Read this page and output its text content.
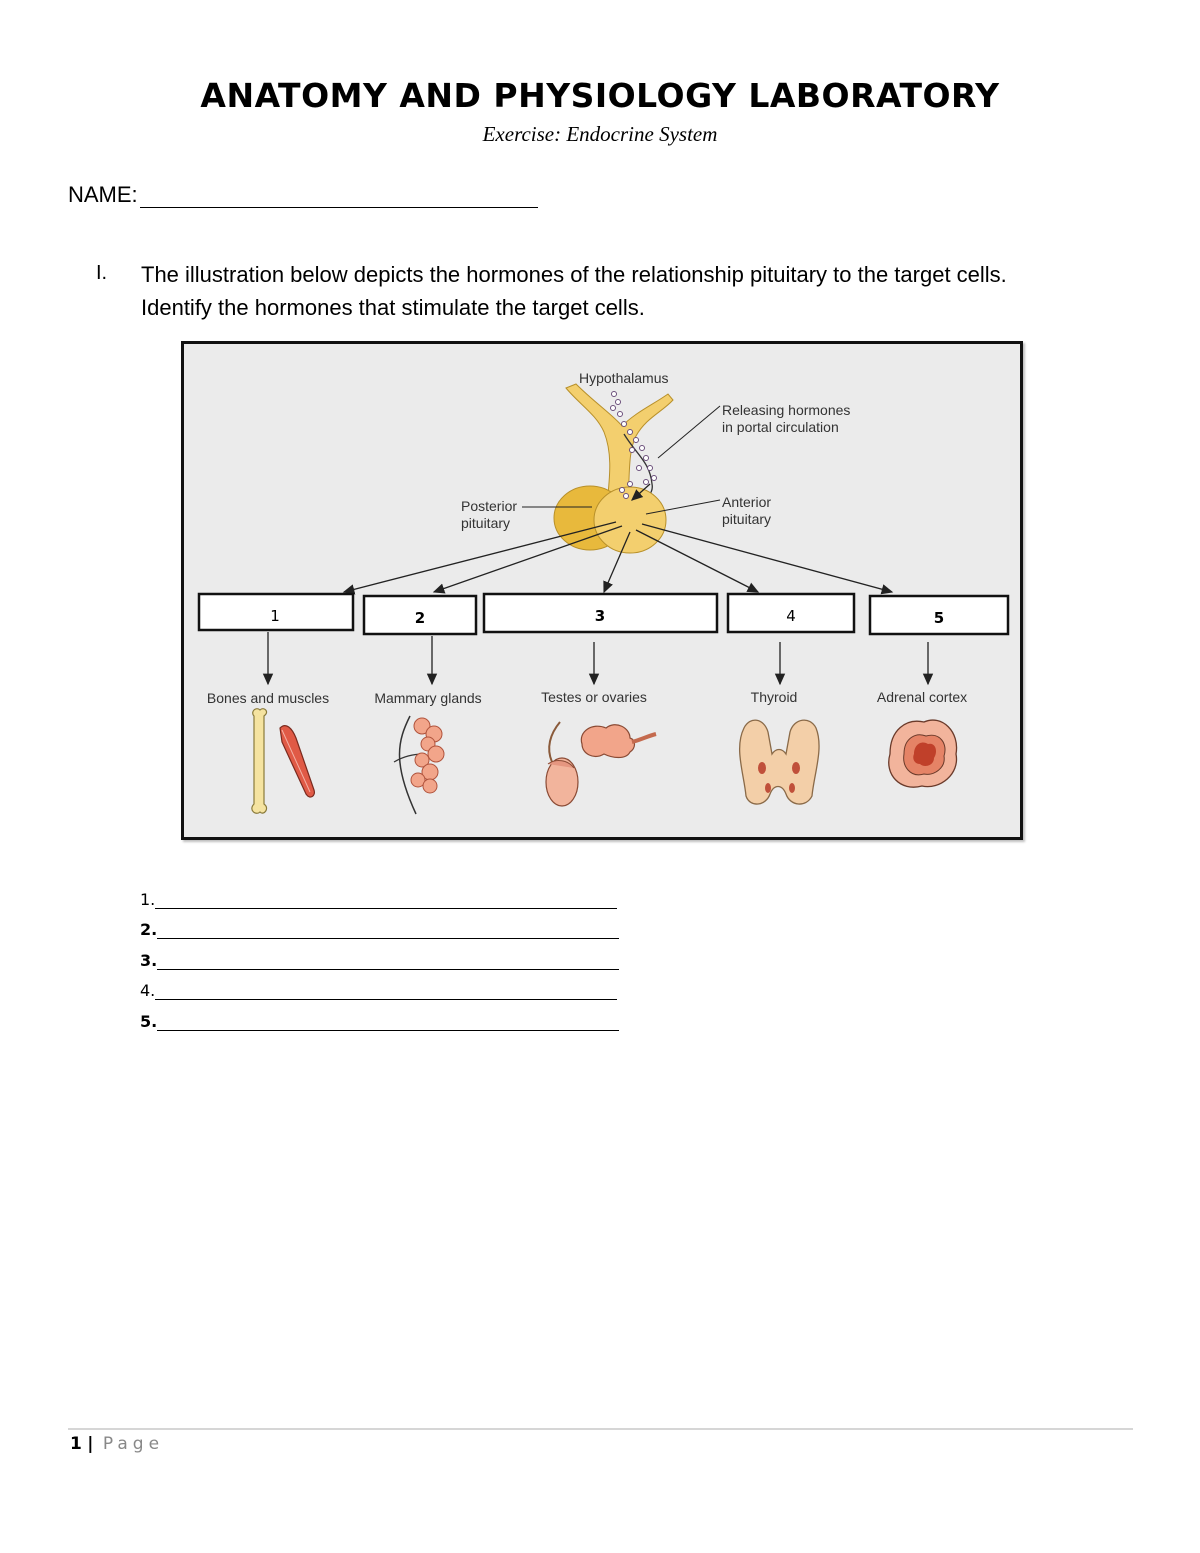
ANATOMY AND PHYSIOLOGY LABORATORY
Exercise: Endocrine System
NAME:
I. The illustration below depicts the hormones of the relationship pituitary to the target cells.
Identify the hormones that stimulate the target cells.
Hypothalamus
Releasing hormones
in portal circulation
Posterior
pituitary
Anterior
pituitary
1	2	3	4	5
Bones and muscles	Mammary glands	Testes or ovaries	Thyroid	Adrenal cortex
1.
2.
3.
4.
5.
1 | Page
